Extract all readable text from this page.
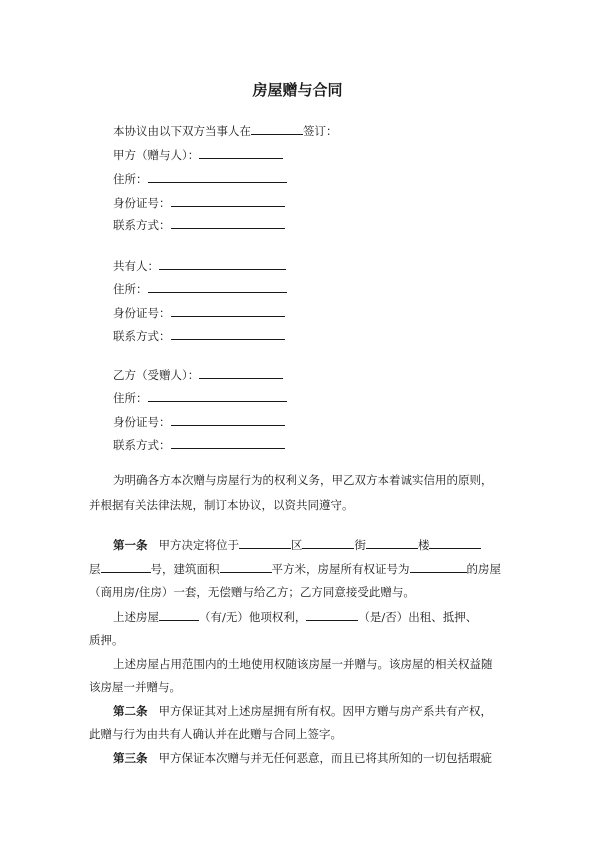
房屋赠与合同
本协议由以下双方当事人在	签订：
甲方（赠与人）：
住所：
身份证号：
联系方式：
共有人：
住所：
身份证号：
联系方式：
乙方（受赠人）：
住所：
身份证号：
联系方式：
为明确各方本次赠与房屋行为的权利义务，甲乙双方本着诚实信用的原则，
并根据有关法律法规，制订本协议，以资共同遵守。
第一条 甲方决定将位于	区	街	楼
层	号，建筑面积	平方米，房屋所有权证号为	的房屋
（商用房/住房）一套，无偿赠与给乙方；乙方同意接受此赠与。
上述房屋	（有/无）他项权利，	（是/否）出租、抵押、
质押。
上述房屋占用范围内的土地使用权随该房屋一并赠与。该房屋的相关权益随
该房屋一并赠与。
第二条 甲方保证其对上述房屋拥有所有权。因甲方赠与房产系共有产权，
此赠与行为由共有人确认并在此赠与合同上签字。
第三条 甲方保证本次赠与并无任何恶意，而且已将其所知的一切包括瑕疵
